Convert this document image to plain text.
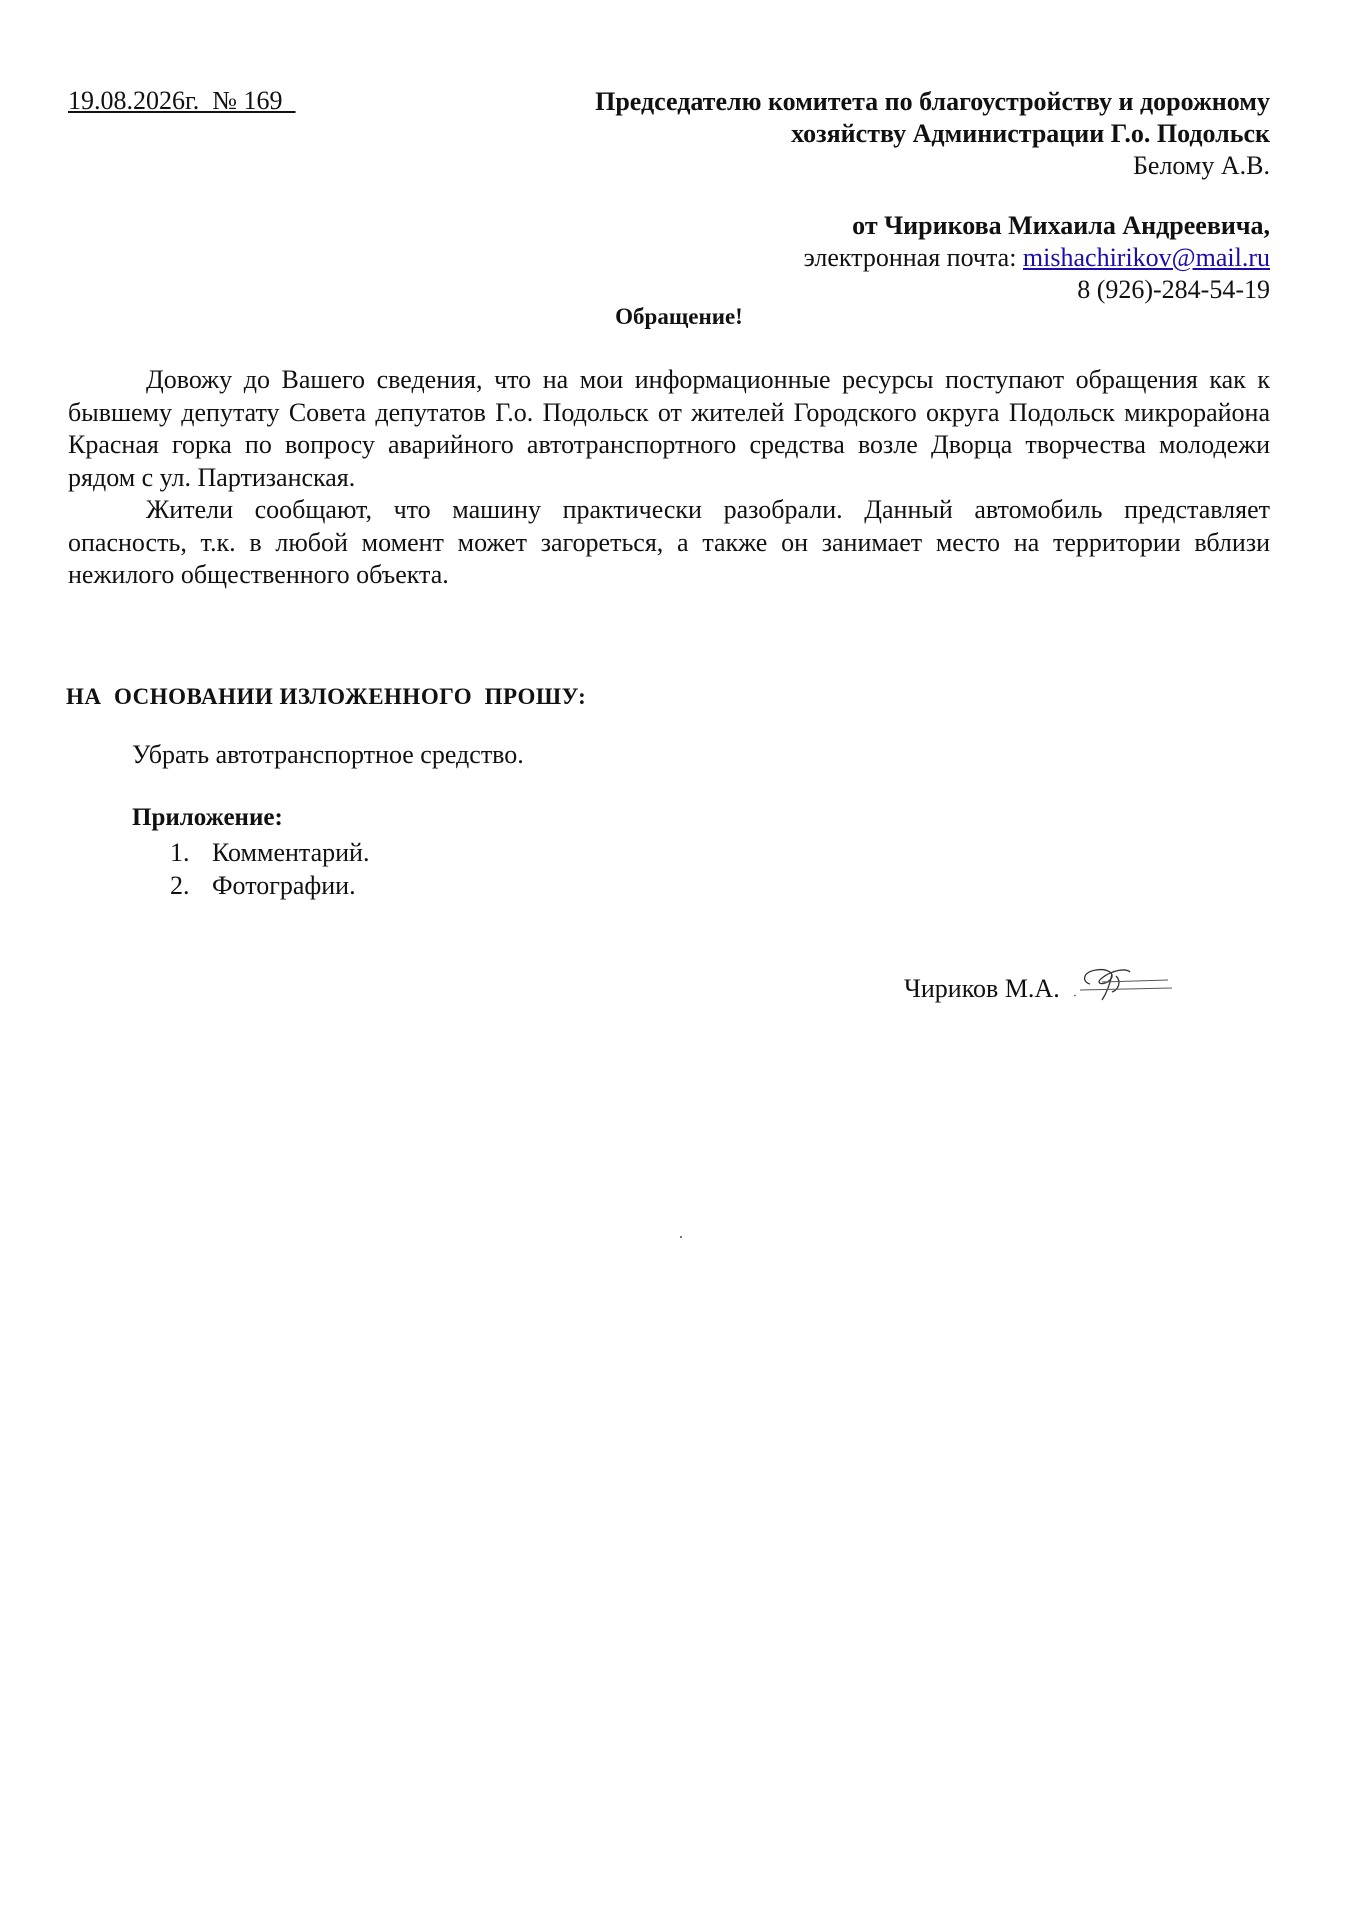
19.08.2026г.  № 169	Председателю комитета по благоустройству и дорожному
хозяйству Администрации Г.о. Подольск
Белому А.В.
от Чирикова Михаила Андреевича,
электронная почта: mishachirikov@mail.ru
8 (926)-284-54-19
Обращение!

Довожу до Вашего сведения, что на мои информационные ресурсы поступают обращения как к бывшему депутату Совета депутатов Г.о. Подольск от жителей Городского округа Подольск микрорайона Красная горка по вопросу аварийного автотранспортного средства возле Дворца творчества молодежи рядом с ул. Партизанская.

Жители сообщают, что машину практически разобрали. Данный автомобиль представляет опасность, т.к. в любой момент может загореться, а также он занимает место на территории вблизи нежилого общественного объекта.

НА  ОСНОВАНИИ ИЗЛОЖЕННОГО  ПРОШУ:
Убрать автотранспортное средство.
Приложение:
1. Комментарий.
2. Фотографии.
Чириков М.А.
